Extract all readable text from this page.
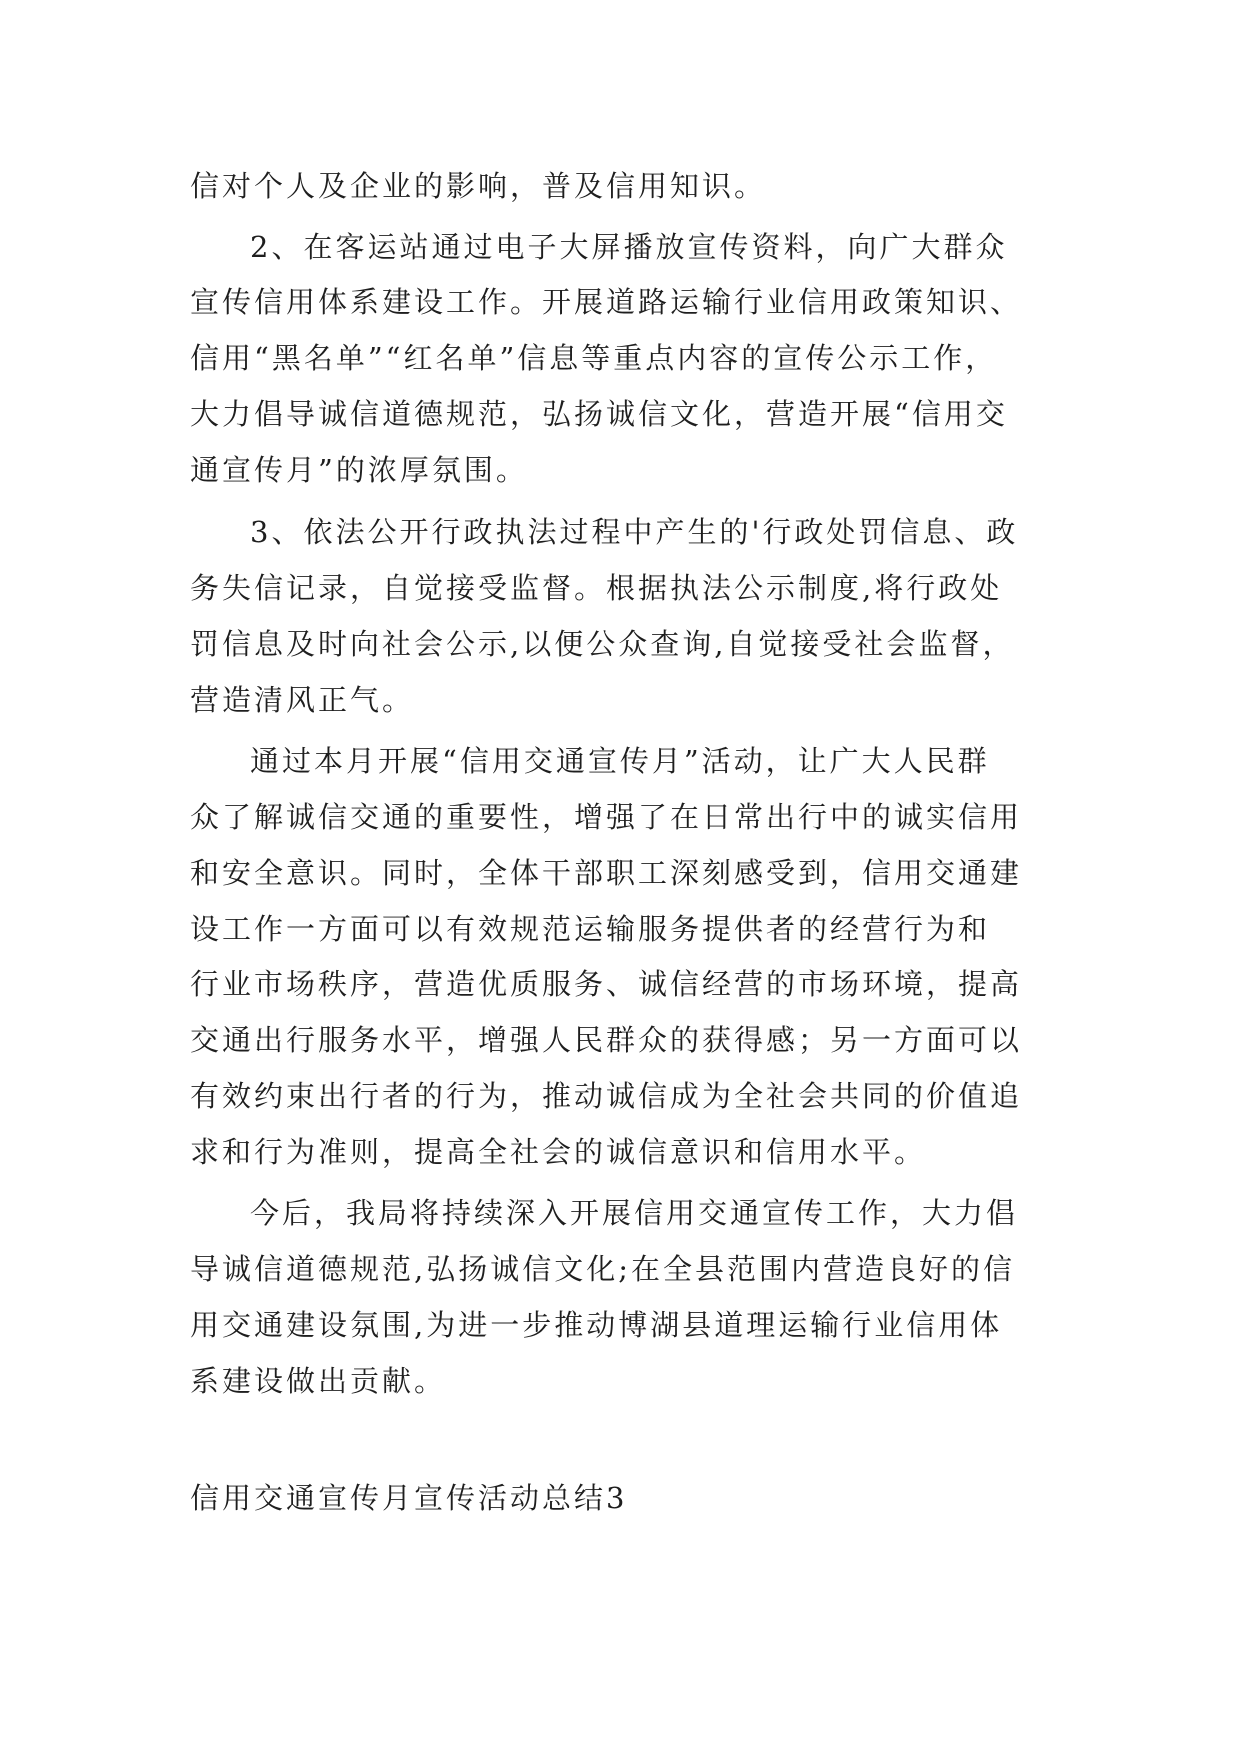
信对个人及企业的影响，普及信用知识。
2、在客运站通过电子大屏播放宣传资料，向广大群众
宣传信用体系建设工作。开展道路运输行业信用政策知识、
信用“黑名单”“红名单”信息等重点内容的宣传公示工作，
大力倡导诚信道德规范，弘扬诚信文化，营造开展“信用交
通宣传月”的浓厚氛围。
3、依法公开行政执法过程中产生的'行政处罚信息、政
务失信记录，自觉接受监督。根据执法公示制度,将行政处
罚信息及时向社会公示,以便公众查询,自觉接受社会监督，
营造清风正气。
通过本月开展“信用交通宣传月”活动，让广大人民群
众了解诚信交通的重要性，增强了在日常出行中的诚实信用
和安全意识。同时，全体干部职工深刻感受到，信用交通建
设工作一方面可以有效规范运输服务提供者的经营行为和
行业市场秩序，营造优质服务、诚信经营的市场环境，提高
交通出行服务水平，增强人民群众的获得感；另一方面可以
有效约束出行者的行为，推动诚信成为全社会共同的价值追
求和行为准则，提高全社会的诚信意识和信用水平。
今后，我局将持续深入开展信用交通宣传工作，大力倡
导诚信道德规范,弘扬诚信文化;在全县范围内营造良好的信
用交通建设氛围,为进一步推动博湖县道理运输行业信用体
系建设做出贡献。
信用交通宣传月宣传活动总结3
